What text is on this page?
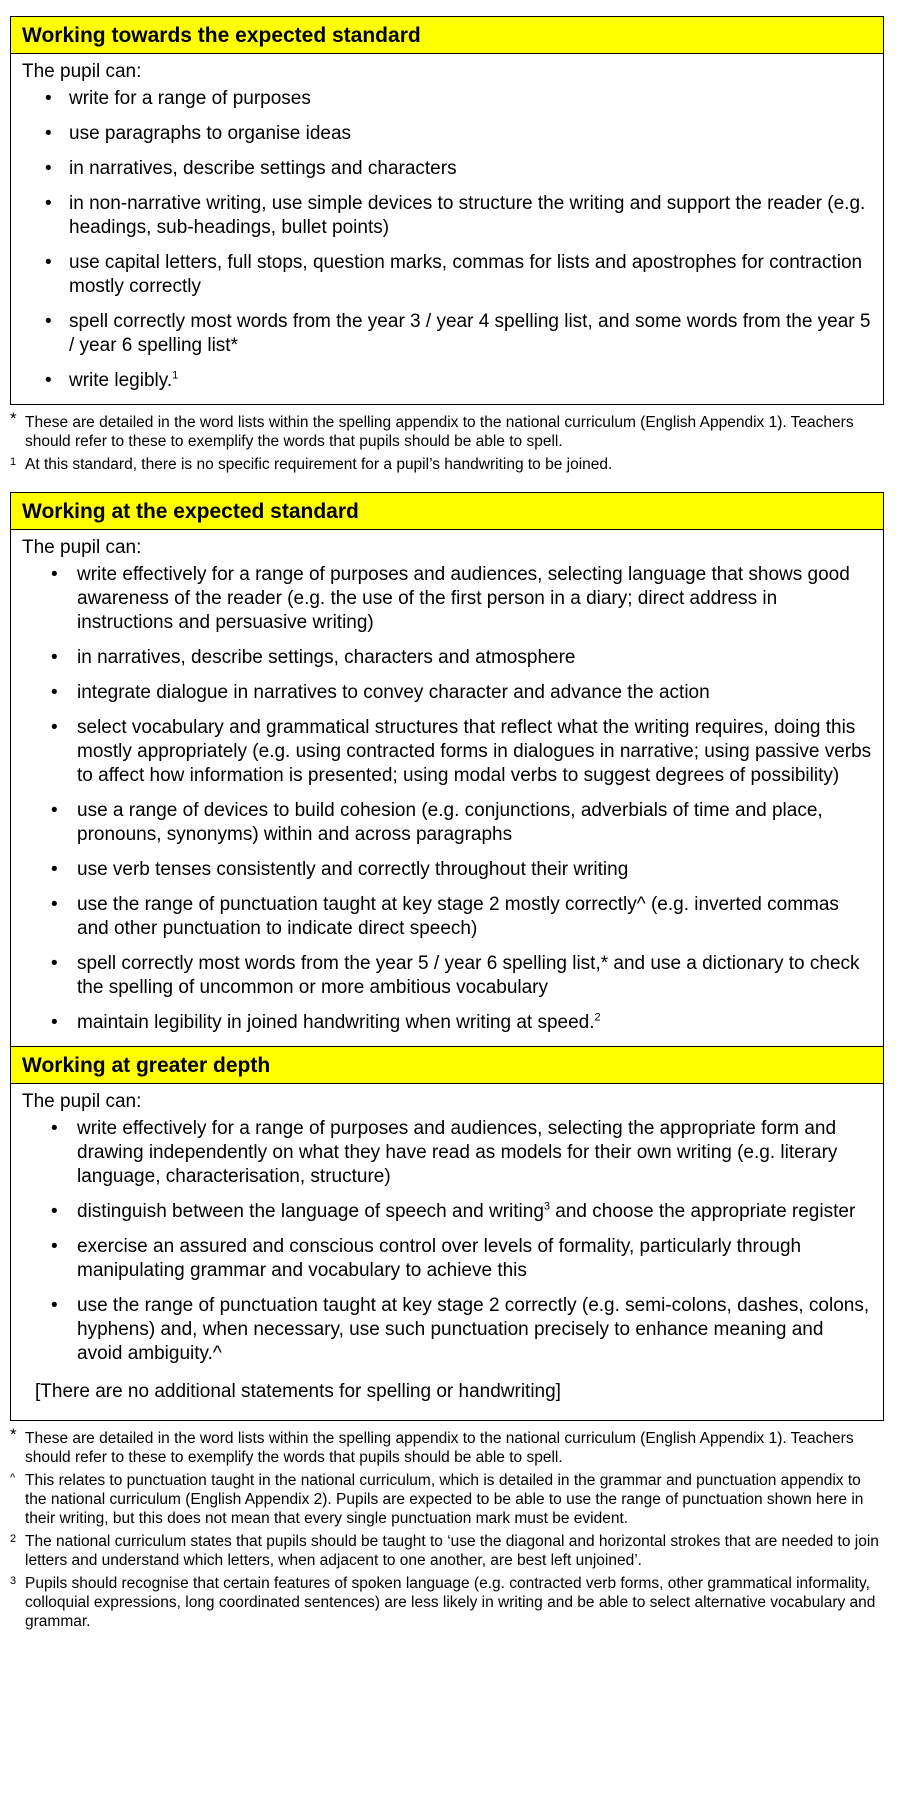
Working towards the expected standard
The pupil can:
• write for a range of purposes
• use paragraphs to organise ideas
• in narratives, describe settings and characters
• in non-narrative writing, use simple devices to structure the writing and support the reader (e.g. headings, sub-headings, bullet points)
• use capital letters, full stops, question marks, commas for lists and apostrophes for contraction mostly correctly
• spell correctly most words from the year 3 / year 4 spelling list, and some words from the year 5 / year 6 spelling list*
• write legibly.$^1$
* These are detailed in the word lists within the spelling appendix to the national curriculum (English Appendix 1). Teachers should refer to these to exemplify the words that pupils should be able to spell.
1 At this standard, there is no specific requirement for a pupil’s handwriting to be joined.
Working at the expected standard
The pupil can:
• write effectively for a range of purposes and audiences, selecting language that shows good awareness of the reader (e.g. the use of the first person in a diary; direct address in instructions and persuasive writing)
• in narratives, describe settings, characters and atmosphere
• integrate dialogue in narratives to convey character and advance the action
• select vocabulary and grammatical structures that reflect what the writing requires, doing this mostly appropriately (e.g. using contracted forms in dialogues in narrative; using passive verbs to affect how information is presented; using modal verbs to suggest degrees of possibility)
• use a range of devices to build cohesion (e.g. conjunctions, adverbials of time and place, pronouns, synonyms) within and across paragraphs
• use verb tenses consistently and correctly throughout their writing
• use the range of punctuation taught at key stage 2 mostly correctly^ (e.g. inverted commas and other punctuation to indicate direct speech)
• spell correctly most words from the year 5 / year 6 spelling list,* and use a dictionary to check the spelling of uncommon or more ambitious vocabulary
• maintain legibility in joined handwriting when writing at speed.$^2$
Working at greater depth
The pupil can:
• write effectively for a range of purposes and audiences, selecting the appropriate form and drawing independently on what they have read as models for their own writing (e.g. literary language, characterisation, structure)
• distinguish between the language of speech and writing$^3$ and choose the appropriate register
• exercise an assured and conscious control over levels of formality, particularly through manipulating grammar and vocabulary to achieve this
• use the range of punctuation taught at key stage 2 correctly (e.g. semi-colons, dashes, colons, hyphens) and, when necessary, use such punctuation precisely to enhance meaning and avoid ambiguity.^
[There are no additional statements for spelling or handwriting]
* These are detailed in the word lists within the spelling appendix to the national curriculum (English Appendix 1). Teachers should refer to these to exemplify the words that pupils should be able to spell.
^ This relates to punctuation taught in the national curriculum, which is detailed in the grammar and punctuation appendix to the national curriculum (English Appendix 2). Pupils are expected to be able to use the range of punctuation shown here in their writing, but this does not mean that every single punctuation mark must be evident.
2 The national curriculum states that pupils should be taught to ‘use the diagonal and horizontal strokes that are needed to join letters and understand which letters, when adjacent to one another, are best left unjoined’.
3 Pupils should recognise that certain features of spoken language (e.g. contracted verb forms, other grammatical informality, colloquial expressions, long coordinated sentences) are less likely in writing and be able to select alternative vocabulary and grammar.
